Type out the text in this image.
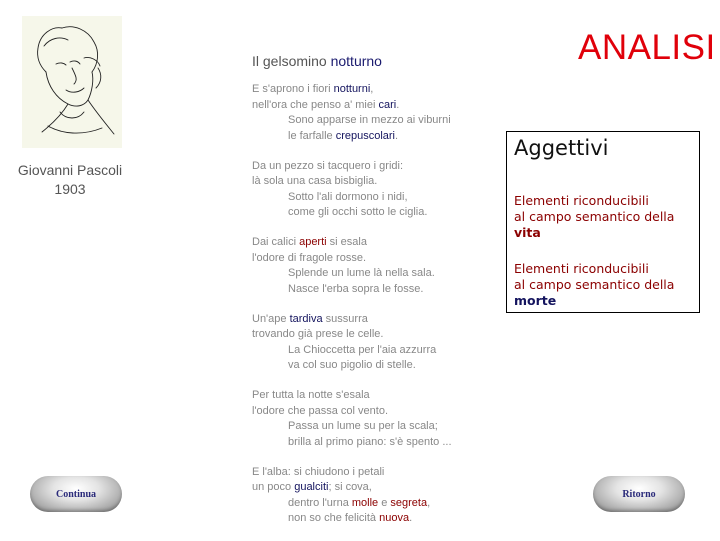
Giovanni Pascoli
1903
Il gelsomino notturno	ANALISI
E s'aprono i fiori notturni,
nell'ora che penso a' miei cari.
Sono apparse in mezzo ai viburni
le farfalle crepuscolari.
Da un pezzo si tacquero i gridi:
là sola una casa bisbiglia.
Sotto l'ali dormono i nidi,
come gli occhi sotto le ciglia.
Dai calici aperti si esala
l'odore di fragole rosse.
Splende un lume là nella sala.
Nasce l'erba sopra le fosse.
Un'ape tardiva sussurra
trovando già prese le celle.
La Chioccetta per l'aia azzurra
va col suo pigolio di stelle.
Per tutta la notte s'esala
l'odore che passa col vento.
Passa un lume su per la scala;
brilla al primo piano: s'è spento ...
E l'alba: si chiudono i petali
un poco gualciti; si cova,
dentro l'urna molle e segreta,
non so che felicità nuova.
Aggettivi
Elementi riconducibili
al campo semantico della
vita
Elementi riconducibili
al campo semantico della
morte
Continua	Ritorno
